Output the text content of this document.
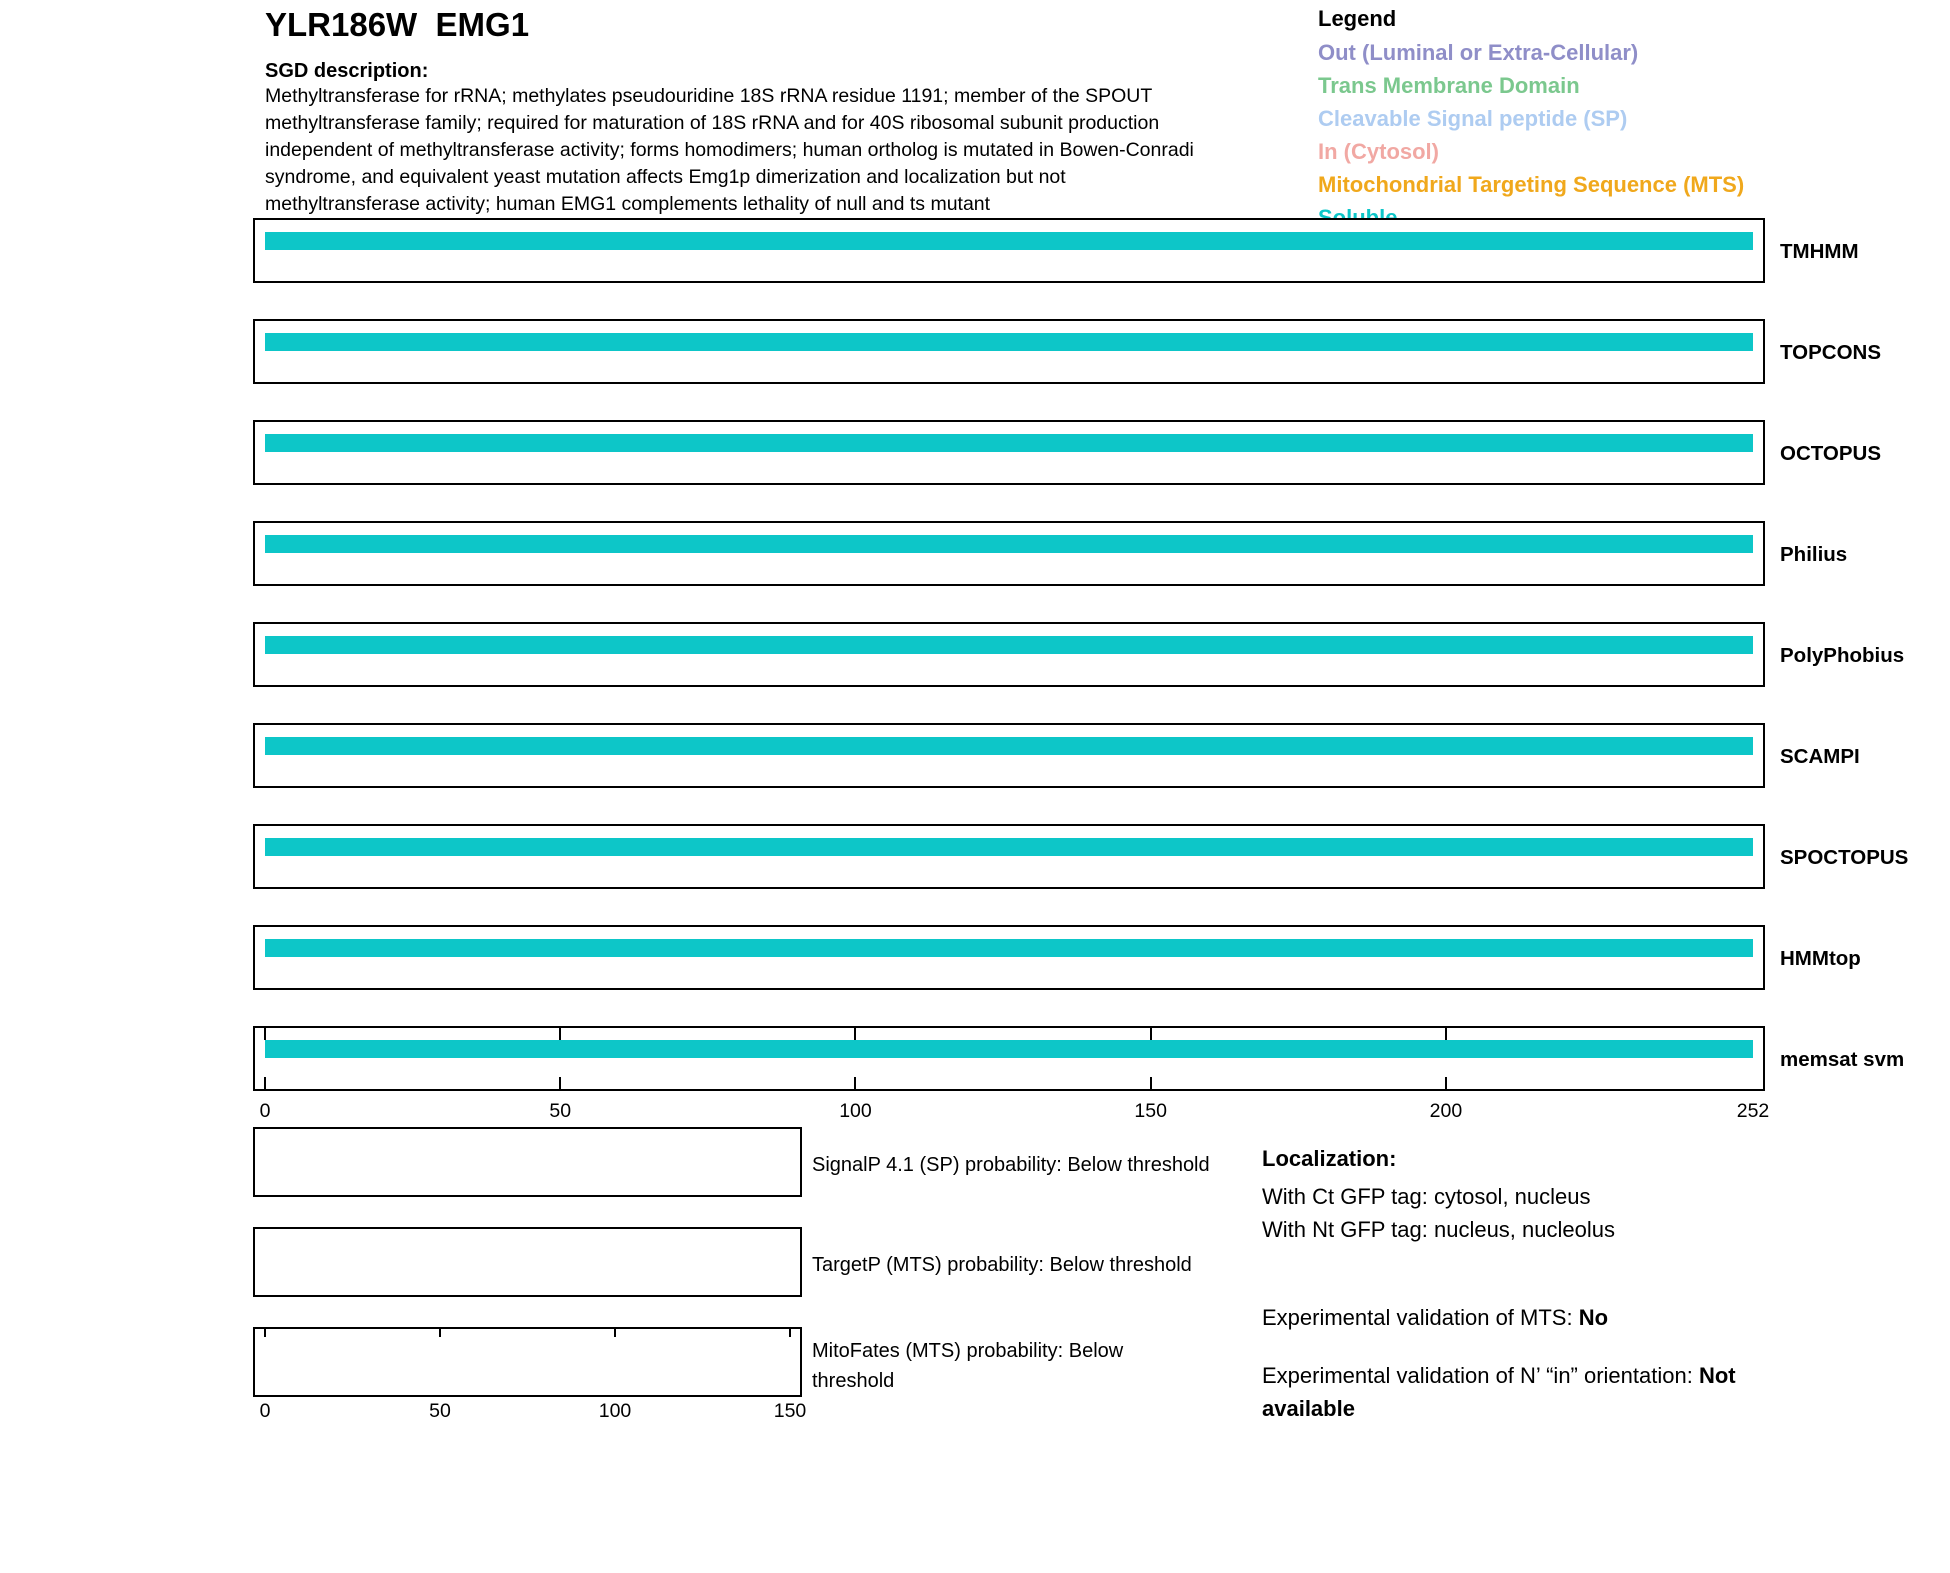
YLR186W  EMG1
SGD description:
Methyltransferase for rRNA; methylates pseudouridine 18S rRNA residue 1191; member of the SPOUT
methyltransferase family; required for maturation of 18S rRNA and for 40S ribosomal subunit production
independent of methyltransferase activity; forms homodimers; human ortholog is mutated in Bowen-Conradi
syndrome, and equivalent yeast mutation affects Emg1p dimerization and localization but not
methyltransferase activity; human EMG1 complements lethality of null and ts mutant
Legend
Out (Luminal or Extra-Cellular)
Trans Membrane Domain
Cleavable Signal peptide (SP)
In (Cytosol)
Mitochondrial Targeting Sequence (MTS)
TMHMM
TOPCONS
OCTOPUS
Philius
PolyPhobius
SCAMPI
SPOCTOPUS
HMMtop
memsat svm
SignalP 4.1 (SP) probability: Below threshold
TargetP (MTS) probability: Below threshold
MitoFates (MTS) probability: Below
threshold
Localization:
With Ct GFP tag: cytosol, nucleus
With Nt GFP tag: nucleus, nucleolus
Experimental validation of MTS: No
Experimental validation of N’ “in” orientation: Not
available
0	50	100	150	200	252
0	50	100	150
